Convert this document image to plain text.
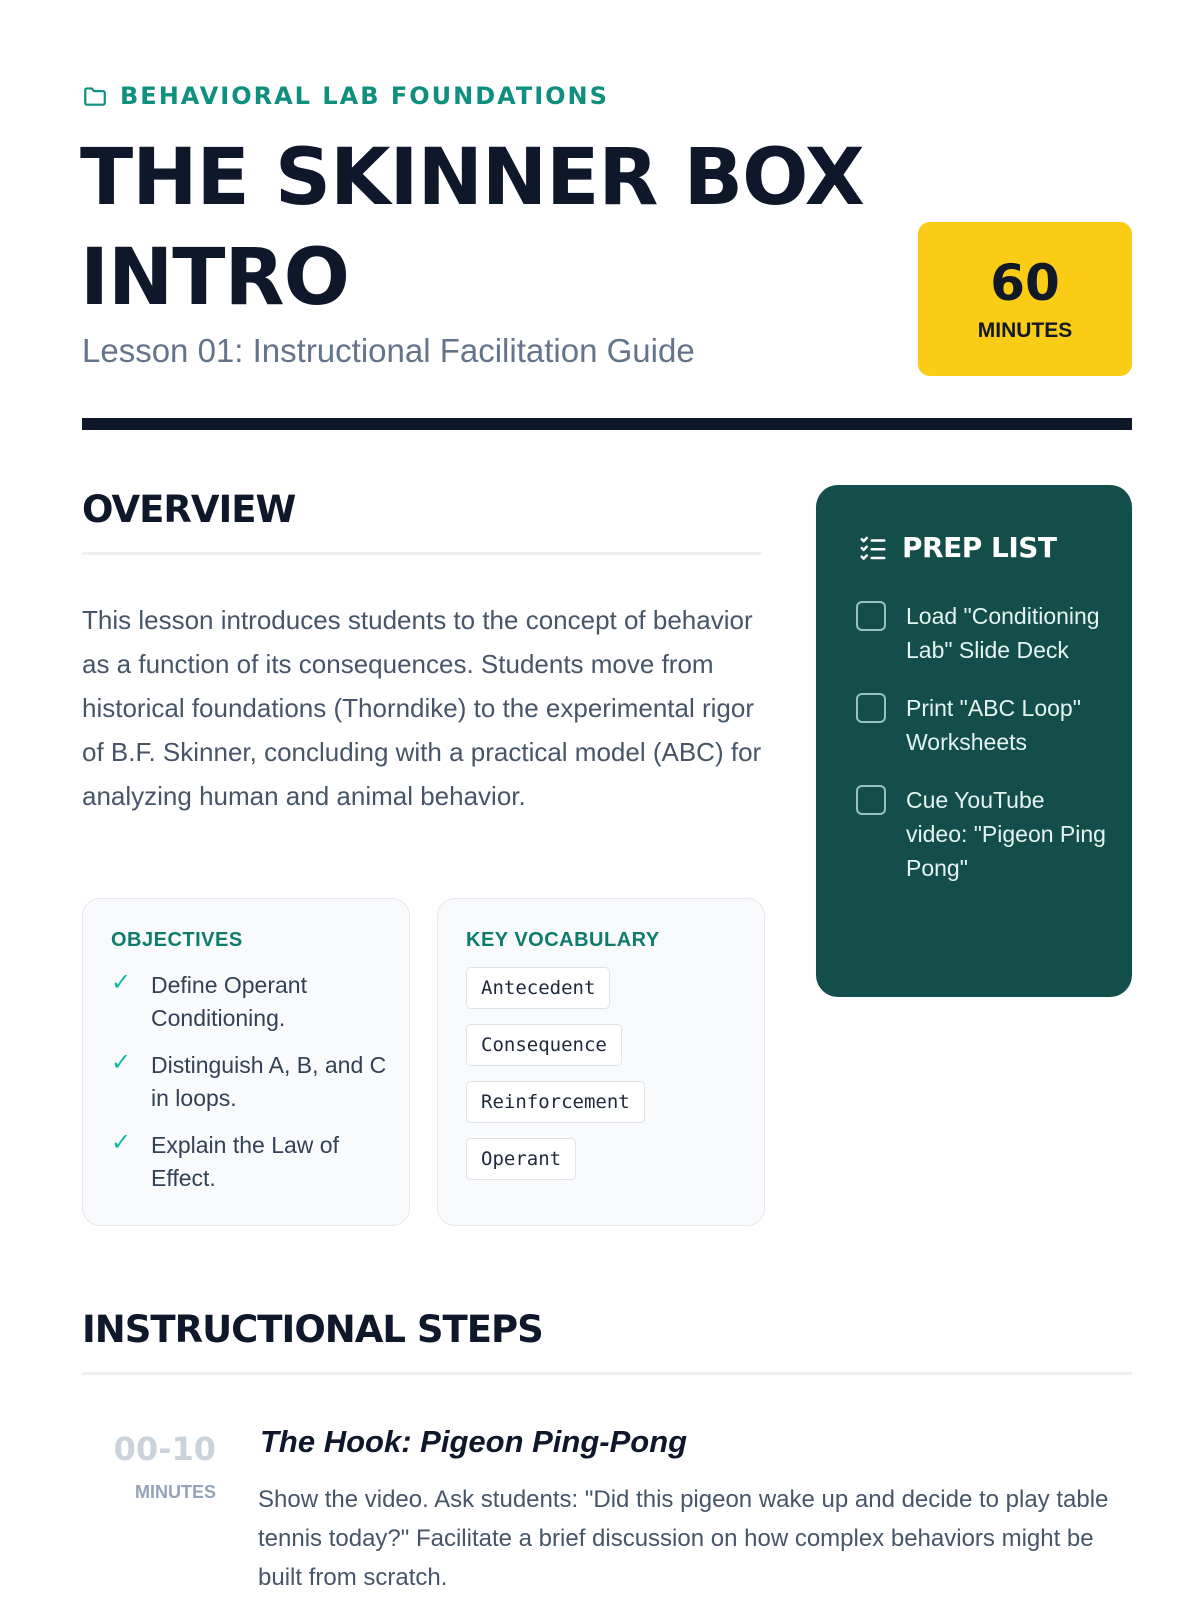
BEHAVIORAL LAB FOUNDATIONS
THE SKINNER BOX INTRO
Lesson 01: Instructional Facilitation Guide
60
MINUTES
OVERVIEW
This lesson introduces students to the concept of behavior as a function of its consequences. Students move from historical foundations (Thorndike) to the experimental rigor of B.F. Skinner, concluding with a practical model (ABC) for analyzing human and animal behavior.
OBJECTIVES
✓ Define Operant Conditioning.
✓ Distinguish A, B, and C in loops.
✓ Explain the Law of Effect.
KEY VOCABULARY
Antecedent
Consequence
Reinforcement
Operant
PREP LIST
Load "Conditioning Lab" Slide Deck
Print "ABC Loop" Worksheets
Cue YouTube video: "Pigeon Ping Pong"
INSTRUCTIONAL STEPS
00-10
MINUTES
The Hook: Pigeon Ping-Pong
Show the video. Ask students: "Did this pigeon wake up and decide to play table tennis today?" Facilitate a brief discussion on how complex behaviors might be built from scratch.
